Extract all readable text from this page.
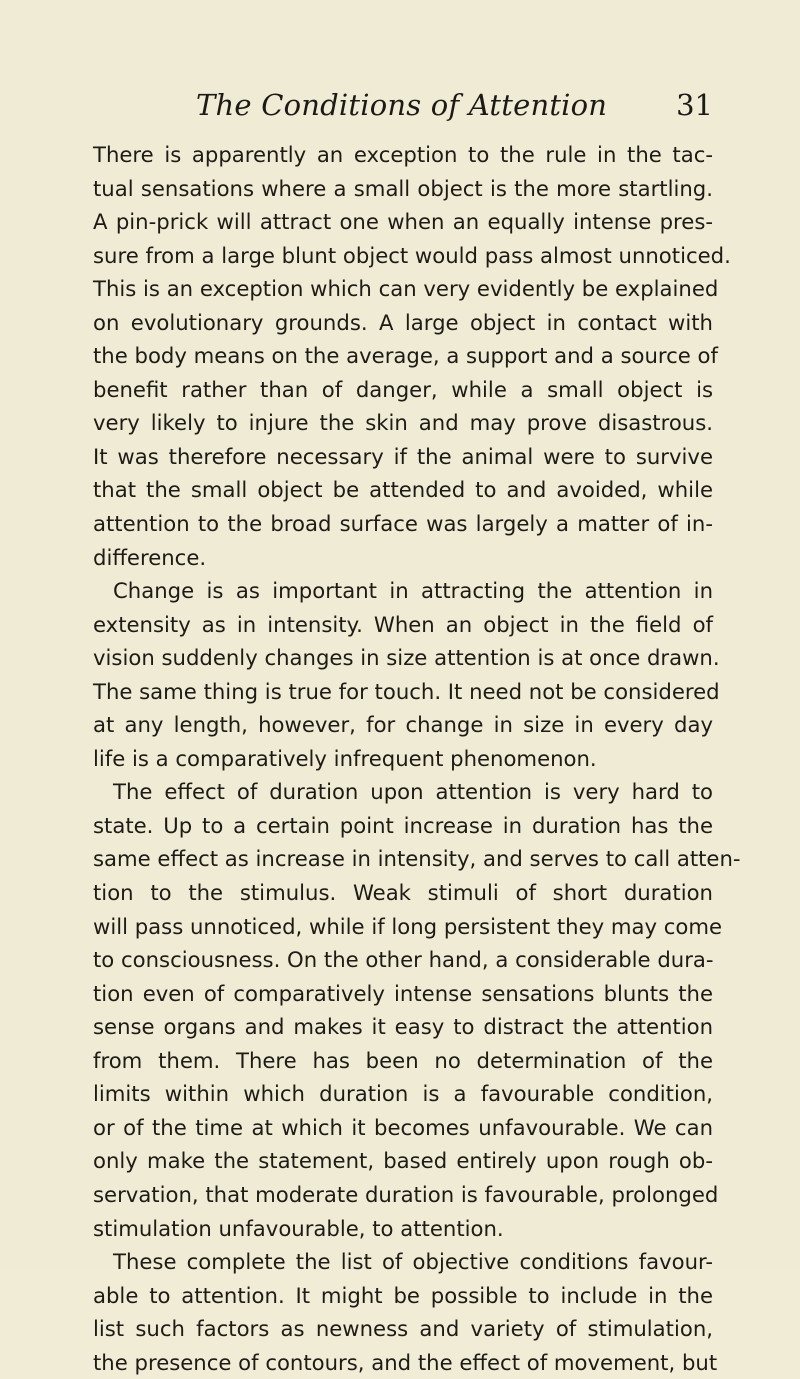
The Conditions of Attention 31
There is apparently an exception to the rule in the tac-
tual sensations where a small object is the more startling.
A pin-prick will attract one when an equally intense pres-
sure from a large blunt object would pass almost unnoticed.
This is an exception which can very evidently be explained
on evolutionary grounds. A large object in contact with
the body means on the average, a support and a source of
benefit rather than of danger, while a small object is
very likely to injure the skin and may prove disastrous.
It was therefore necessary if the animal were to survive
that the small object be attended to and avoided, while
attention to the broad surface was largely a matter of in-
difference.
Change is as important in attracting the attention in
extensity as in intensity. When an object in the field of
vision suddenly changes in size attention is at once drawn.
The same thing is true for touch. It need not be considered
at any length, however, for change in size in every day
life is a comparatively infrequent phenomenon.
The effect of duration upon attention is very hard to
state. Up to a certain point increase in duration has the
same effect as increase in intensity, and serves to call atten-
tion to the stimulus. Weak stimuli of short duration
will pass unnoticed, while if long persistent they may come
to consciousness. On the other hand, a considerable dura-
tion even of comparatively intense sensations blunts the
sense organs and makes it easy to distract the attention
from them. There has been no determination of the
limits within which duration is a favourable condition,
or of the time at which it becomes unfavourable. We can
only make the statement, based entirely upon rough ob-
servation, that moderate duration is favourable, prolonged
stimulation unfavourable, to attention.
These complete the list of objective conditions favour-
able to attention. It might be possible to include in the
list such factors as newness and variety of stimulation,
the presence of contours, and the effect of movement, but
